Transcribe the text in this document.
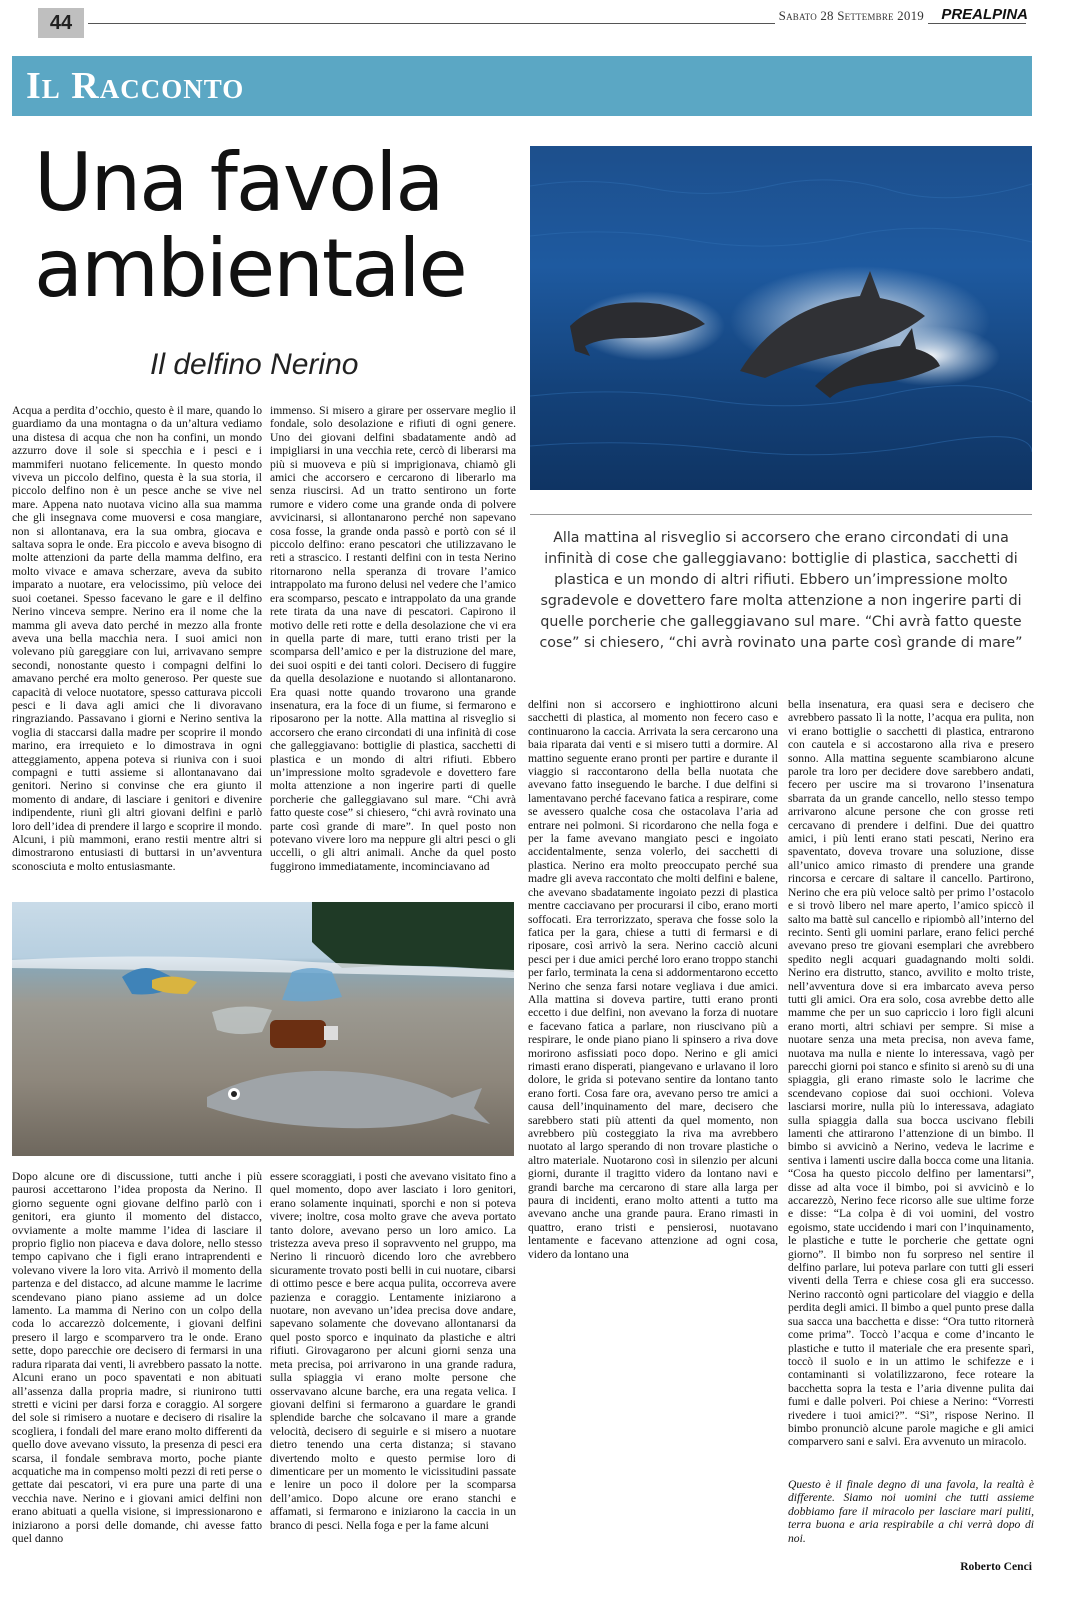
44	Sabato 28 Settembre 2019 PREALPINA
Il Racconto
Una favola
ambientale
Il delfino Nerino
Alla mattina al risveglio si accorsero che erano circondati di una infinità di cose che galleggiavano: bottiglie di plastica, sacchetti di plastica e un mondo di altri rifiuti. Ebbero un’impressione molto sgradevole e dovettero fare molta attenzione a non ingerire parti di quelle porcherie che galleggiavano sul mare. “Chi avrà fatto queste cose” si chiesero, “chi avrà rovinato una parte così grande di mare”

Acqua a perdita d’occhio, questo è il mare, quando lo guardiamo da una montagna o da un’altura vediamo una distesa di acqua che non ha confini, un mondo azzurro dove il sole si specchia e i pesci e i mammiferi nuotano felicemente. In questo mondo viveva un piccolo delfino, questa è la sua storia, il piccolo delfino non è un pesce anche se vive nel mare. Appena nato nuotava vicino alla sua mamma che gli insegnava come muoversi e cosa mangiare, non si allontanava, era la sua ombra, giocava e saltava sopra le onde. Era piccolo e aveva bisogno di molte attenzioni da parte della mamma delfino, era molto vivace e amava scherzare, aveva da subito imparato a nuotare, era velocissimo, più veloce dei suoi coetanei. Spesso facevano le gare e il delfino Nerino vinceva sempre. Nerino era il nome che la mamma gli aveva dato perché in mezzo alla fronte aveva una bella macchia nera. I suoi amici non volevano più gareggiare con lui, arrivavano sempre secondi, nonostante questo i compagni delfini lo amavano perché era molto generoso. Per queste sue capacità di veloce nuotatore, spesso catturava piccoli pesci e li dava agli amici che li divoravano ringraziando. Passavano i giorni e Nerino sentiva la voglia di staccarsi dalla madre per scoprire il mondo marino, era irrequieto e lo dimostrava in ogni atteggiamento, appena poteva si riuniva con i suoi compagni e tutti assieme si allontanavano dai genitori. Nerino si convinse che era giunto il momento di andare, di lasciare i genitori e divenire indipendente, riunì gli altri giovani delfini e parlò loro dell’idea di prendere il largo e scoprire il mondo. Alcuni, i più mammoni, erano restii mentre altri si dimostrarono entusiasti di buttarsi in un’avventura sconosciuta e molto entusiasmante.

immenso. Si misero a girare per osservare meglio il fondale, solo desolazione e rifiuti di ogni genere. Uno dei giovani delfini sbadatamente andò ad impigliarsi in una vecchia rete, cercò di liberarsi ma più si muoveva e più si imprigionava, chiamò gli amici che accorsero e cercarono di liberarlo ma senza riuscirsi. Ad un tratto sentirono un forte rumore e videro come una grande onda di polvere avvicinarsi, si allontanarono perché non sapevano cosa fosse, la grande onda passò e portò con sé il piccolo delfino: erano pescatori che utilizzavano le reti a strascico. I restanti delfini con in testa Nerino ritornarono nella speranza di trovare l’amico intrappolato ma furono delusi nel vedere che l’amico era scomparso, pescato e intrappolato da una grande rete tirata da una nave di pescatori. Capirono il motivo delle reti rotte e della desolazione che vi era in quella parte di mare, tutti erano tristi per la scomparsa dell’amico e per la distruzione del mare, dei suoi ospiti e dei tanti colori. Decisero di fuggire da quella desolazione e nuotando si allontanarono. Era quasi notte quando trovarono una grande insenatura, era la foce di un fiume, si fermarono e riposarono per la notte. Alla mattina al risveglio si accorsero che erano circondati di una infinità di cose che galleggiavano: bottiglie di plastica, sacchetti di plastica e un mondo di altri rifiuti. Ebbero un’impressione molto sgradevole e dovettero fare molta attenzione a non ingerire parti di quelle porcherie che galleggiavano sul mare. “Chi avrà fatto queste cose” si chiesero, “chi avrà rovinato una parte così grande di mare”. In quel posto non potevano vivere loro ma neppure gli altri pesci o gli uccelli, o gli altri animali. Anche da quel posto fuggirono immediatamente, incominciavano ad

Dopo alcune ore di discussione, tutti anche i più paurosi accettarono l’idea proposta da Nerino. Il giorno seguente ogni giovane delfino parlò con i genitori, era giunto il momento del distacco, ovviamente a molte mamme l’idea di lasciare il proprio figlio non piaceva e dava dolore, nello stesso tempo capivano che i figli erano intraprendenti e volevano vivere la loro vita. Arrivò il momento della partenza e del distacco, ad alcune mamme le lacrime scendevano piano piano assieme ad un dolce lamento. La mamma di Nerino con un colpo della coda lo accarezzò dolcemente, i giovani delfini presero il largo e scomparvero tra le onde. Erano sette, dopo parecchie ore decisero di fermarsi in una radura riparata dai venti, li avrebbero passato la notte. Alcuni erano un poco spaventati e non abituati all’assenza dalla propria madre, si riunirono tutti stretti e vicini per darsi forza e coraggio. Al sorgere del sole si rimisero a nuotare e decisero di risalire la scogliera, i fondali del mare erano molto differenti da quello dove avevano vissuto, la presenza di pesci era scarsa, il fondale sembrava morto, poche piante acquatiche ma in compenso molti pezzi di reti perse o gettate dai pescatori, vi era pure una parte di una vecchia nave. Nerino e i giovani amici delfini non erano abituati a quella visione, si impressionarono e iniziarono a porsi delle domande, chi avesse fatto quel danno

essere scoraggiati, i posti che avevano visitato fino a quel momento, dopo aver lasciato i loro genitori, erano solamente inquinati, sporchi e non si poteva vivere; inoltre, cosa molto grave che aveva portato tanto dolore, avevano perso un loro amico. La tristezza aveva preso il sopravvento nel gruppo, ma Nerino li rincuorò dicendo loro che avrebbero sicuramente trovato posti belli in cui nuotare, cibarsi di ottimo pesce e bere acqua pulita, occorreva avere pazienza e coraggio. Lentamente iniziarono a nuotare, non avevano un’idea precisa dove andare, sapevano solamente che dovevano allontanarsi da quel posto sporco e inquinato da plastiche e altri rifiuti. Girovagarono per alcuni giorni senza una meta precisa, poi arrivarono in una grande radura, sulla spiaggia vi erano molte persone che osservavano alcune barche, era una regata velica. I giovani delfini si fermarono a guardare le grandi splendide barche che solcavano il mare a grande velocità, decisero di seguirle e si misero a nuotare dietro tenendo una certa distanza; si stavano divertendo molto e questo permise loro di dimenticare per un momento le vicissitudini passate e lenire un poco il dolore per la scomparsa dell’amico. Dopo alcune ore erano stanchi e affamati, si fermarono e iniziarono la caccia in un branco di pesci. Nella foga e per la fame alcuni

delfini non si accorsero e inghiottirono alcuni sacchetti di plastica, al momento non fecero caso e continuarono la caccia. Arrivata la sera cercarono una baia riparata dai venti e si misero tutti a dormire. Al mattino seguente erano pronti per partire e durante il viaggio si raccontarono della bella nuotata che avevano fatto inseguendo le barche. I due delfini si lamentavano perché facevano fatica a respirare, come se avessero qualche cosa che ostacolava l’aria ad entrare nei polmoni. Si ricordarono che nella foga e per la fame avevano mangiato pesci e ingoiato accidentalmente, senza volerlo, dei sacchetti di plastica. Nerino era molto preoccupato perché sua madre gli aveva raccontato che molti delfini e balene, che avevano sbadatamente ingoiato pezzi di plastica mentre cacciavano per procurarsi il cibo, erano morti soffocati. Era terrorizzato, sperava che fosse solo la fatica per la gara, chiese a tutti di fermarsi e di riposare, così arrivò la sera. Nerino cacciò alcuni pesci per i due amici perché loro erano troppo stanchi per farlo, terminata la cena si addormentarono eccetto Nerino che senza farsi notare vegliava i due amici. Alla mattina si doveva partire, tutti erano pronti eccetto i due delfini, non avevano la forza di nuotare e facevano fatica a parlare, non riuscivano più a respirare, le onde piano piano li spinsero a riva dove morirono asfissiati poco dopo. Nerino e gli amici rimasti erano disperati, piangevano e urlavano il loro dolore, le grida si potevano sentire da lontano tanto erano forti. Cosa fare ora, avevano perso tre amici a causa dell’inquinamento del mare, decisero che sarebbero stati più attenti da quel momento, non avrebbero più costeggiato la riva ma avrebbero nuotato al largo sperando di non trovare plastiche o altro materiale. Nuotarono così in silenzio per alcuni giorni, durante il tragitto videro da lontano navi e grandi barche ma cercarono di stare alla larga per paura di incidenti, erano molto attenti a tutto ma avevano anche una grande paura. Erano rimasti in quattro, erano tristi e pensierosi, nuotavano lentamente e facevano attenzione ad ogni cosa, videro da lontano una

bella insenatura, era quasi sera e decisero che avrebbero passato lì la notte, l’acqua era pulita, non vi erano bottiglie o sacchetti di plastica, entrarono con cautela e si accostarono alla riva e presero sonno. Alla mattina seguente scambiarono alcune parole tra loro per decidere dove sarebbero andati, fecero per uscire ma si trovarono l’insenatura sbarrata da un grande cancello, nello stesso tempo arrivarono alcune persone che con grosse reti cercavano di prendere i delfini. Due dei quattro amici, i più lenti erano stati pescati, Nerino era spaventato, doveva trovare una soluzione, disse all’unico amico rimasto di prendere una grande rincorsa e cercare di saltare il cancello. Partirono, Nerino che era più veloce saltò per primo l’ostacolo e si trovò libero nel mare aperto, l’amico spiccò il salto ma battè sul cancello e ripiombò all’interno del recinto. Sentì gli uomini parlare, erano felici perché avevano preso tre giovani esemplari che avrebbero spedito negli acquari guadagnando molti soldi. Nerino era distrutto, stanco, avvilito e molto triste, nell’avventura dove si era imbarcato aveva perso tutti gli amici. Ora era solo, cosa avrebbe detto alle mamme che per un suo capriccio i loro figli alcuni erano morti, altri schiavi per sempre. Si mise a nuotare senza una meta precisa, non aveva fame, nuotava ma nulla e niente lo interessava, vagò per parecchi giorni poi stanco e sfinito si arenò su di una spiaggia, gli erano rimaste solo le lacrime che scendevano copiose dai suoi occhioni. Voleva lasciarsi morire, nulla più lo interessava, adagiato sulla spiaggia dalla sua bocca uscivano flebili lamenti che attirarono l’attenzione di un bimbo. Il bimbo si avvicinò a Nerino, vedeva le lacrime e sentiva i lamenti uscire dalla bocca come una litania. “Cosa ha questo piccolo delfino per lamentarsi”, disse ad alta voce il bimbo, poi si avvicinò e lo accarezzò, Nerino fece ricorso alle sue ultime forze e disse: “La colpa è di voi uomini, del vostro egoismo, state uccidendo i mari con l’inquinamento, le plastiche e tutte le porcherie che gettate ogni giorno”. Il bimbo non fu sorpreso nel sentire il delfino parlare, lui poteva parlare con tutti gli esseri viventi della Terra e chiese cosa gli era successo. Nerino raccontò ogni particolare del viaggio e della perdita degli amici. Il bimbo a quel punto prese dalla sua sacca una bacchetta e disse: “Ora tutto ritornerà come prima”. Toccò l’acqua e come d’incanto le plastiche e tutto il materiale che era presente sparì, toccò il suolo e in un attimo le schifezze e i contaminanti si volatilizzarono, fece roteare la bacchetta sopra la testa e l’aria divenne pulita dai fumi e dalle polveri. Poi chiese a Nerino: “Vorresti rivedere i tuoi amici?”. “Sì”, rispose Nerino. Il bimbo pronunciò alcune parole magiche e gli amici comparvero sani e salvi. Era avvenuto un miracolo.

Questo è il finale degno di una favola, la realtà è differente. Siamo noi uomini che tutti assieme dobbiamo fare il miracolo per lasciare mari puliti, terra buona e aria respirabile a chi verrà dopo di noi.
Roberto Cenci
